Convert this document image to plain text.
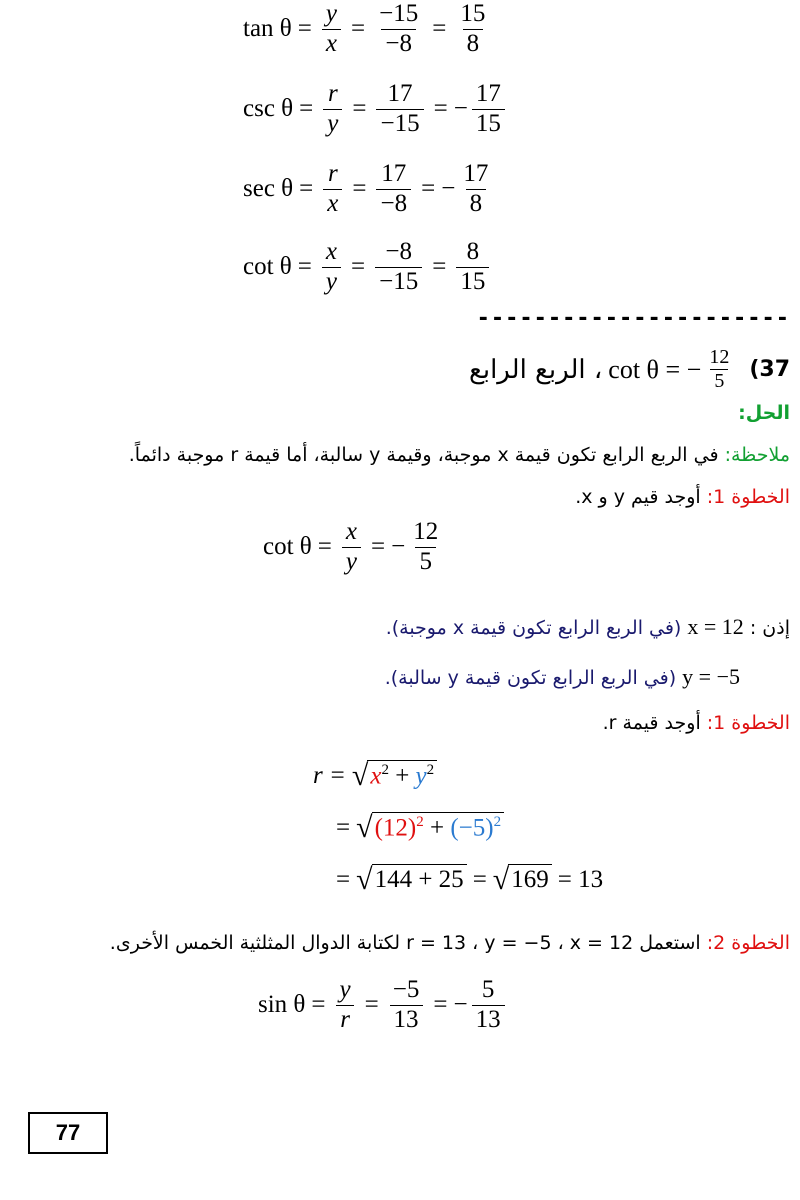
$\tan \theta = \frac{y}{x} = \frac{-15}{-8} = \frac{15}{8}$
$\csc \theta = \frac{r}{y} = \frac{17}{-15}$ = − $\frac{17}{15}$
$\sec \theta = \frac{r}{x} = \frac{17}{-8}$ = − $\frac{17}{8}$
$\cot \theta = \frac{x}{y} = \frac{-8}{-15} = \frac{8}{15}$
----------------------
، الربع الرابع cot θ = − $\frac{12}{5} (37$
الحل:
ملاحظة: في الربع الرابع تكون قيمة x موجبة، وقيمة y سالبة، أما قيمة r موجبة دائماً.
الخطوة 1: أوجد قيم y و x.
$\cot \theta = \frac{x}{y}$ = − $\frac{12}{5}$
إذن : x = 12 (في الربع الرابع تكون قيمة x موجبة).
y = −5 (في الربع الرابع تكون قيمة y سالبة).
الخطوة 1: أوجد قيمة r.
r = √ $x^2 + y^2$
= √ $(12)^2 + (-5)^2$
= √ 144 + 25 = √ 169 = 13
الخطوة 2: استعمل r = 13 ، y = −5 ، x = 12 لكتابة الدوال المثلثية الخمس الأخرى.
$\sin \theta = \frac{y}{r} = \frac{-5}{13}$ = − $\frac{5}{13}$
77
